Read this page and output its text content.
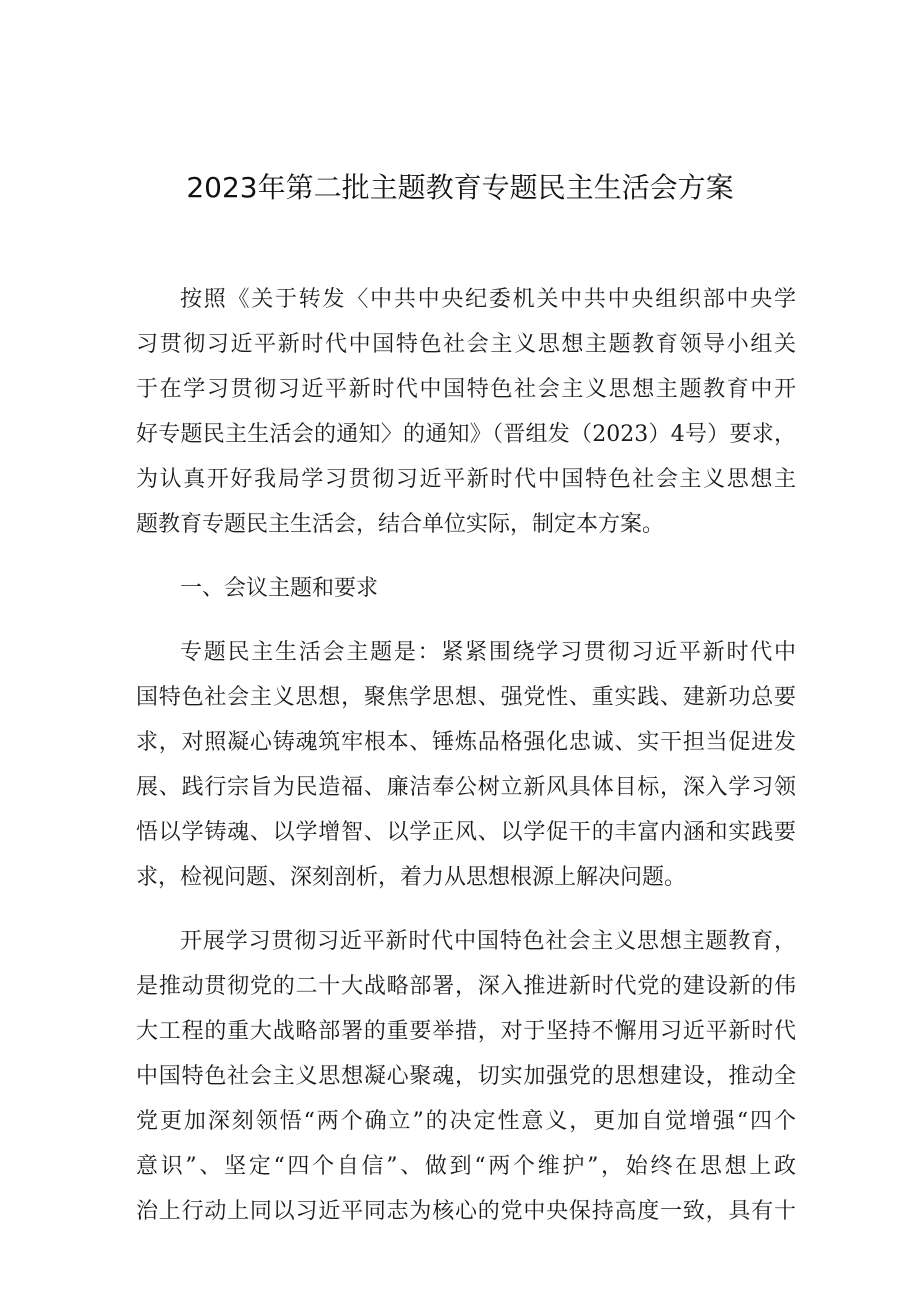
2023年第二批主题教育专题民主生活会方案
按照《关于转发〈中共中央纪委机关中共中央组织部中央学
习贯彻习近平新时代中国特色社会主义思想主题教育领导小组关
于在学习贯彻习近平新时代中国特色社会主义思想主题教育中开
好专题民主生活会的通知〉的通知》（晋组发（2023）4号）要求，
为认真开好我局学习贯彻习近平新时代中国特色社会主义思想主
题教育专题民主生活会，结合单位实际，制定本方案。
一、会议主题和要求
专题民主生活会主题是：紧紧围绕学习贯彻习近平新时代中
国特色社会主义思想，聚焦学思想、强党性、重实践、建新功总要
求，对照凝心铸魂筑牢根本、锤炼品格强化忠诚、实干担当促进发
展、践行宗旨为民造福、廉洁奉公树立新风具体目标，深入学习领
悟以学铸魂、以学增智、以学正风、以学促干的丰富内涵和实践要
求，检视问题、深刻剖析，着力从思想根源上解决问题。
开展学习贯彻习近平新时代中国特色社会主义思想主题教育，
是推动贯彻党的二十大战略部署，深入推进新时代党的建设新的伟
大工程的重大战略部署的重要举措，对于坚持不懈用习近平新时代
中国特色社会主义思想凝心聚魂，切实加强党的思想建设，推动全
党更加深刻领悟“两个确立”的决定性意义，更加自觉增强“四个
意识”、坚定“四个自信”、做到“两个维护”，始终在思想上政
治上行动上同以习近平同志为核心的党中央保持高度一致，具有十
